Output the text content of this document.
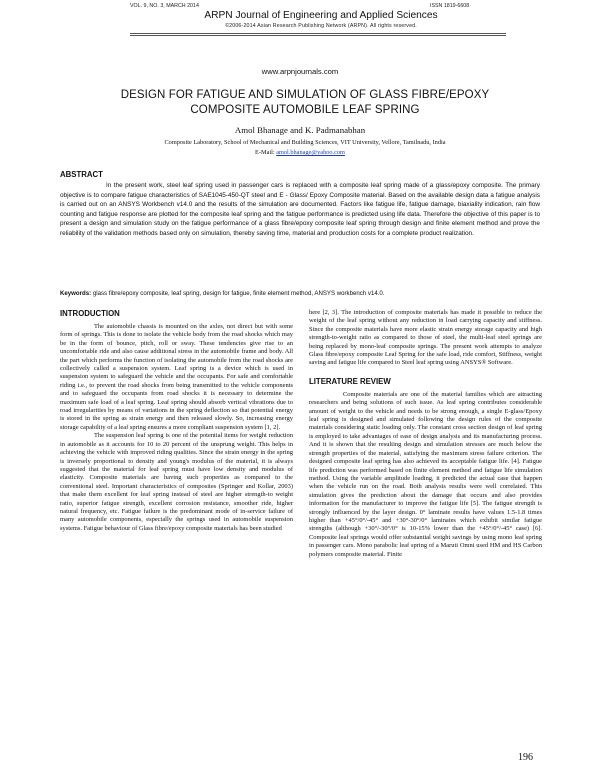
VOL. 9, NO. 3, MARCH 2014	ISSN 1819-6608
ARPN Journal of Engineering and Applied Sciences
©2006-2014 Asian Research Publishing Network (ARPN). All rights reserved.
www.arpnjournals.com
DESIGN FOR FATIGUE AND SIMULATION OF GLASS FIBRE/EPOXY
COMPOSITE AUTOMOBILE LEAF SPRING
Amol Bhanage and K. Padmanabhan
Composite Laboratory, School of Mechanical and Building Sciences, VIT University, Vellore, Tamilnadu, India
E-Mail: amol.bhanage@yahoo.com
ABSTRACT

In the present work, steel leaf spring used in passenger cars is replaced with a composite leaf spring made of a glass/epoxy composite. The primary objective is to compare fatigue characteristics of SAE1045-450-QT steel and E - Glass/ Epoxy Composite material. Based on the available design data a fatigue analysis is carried out on an ANSYS Workbench v14.0 and the results of the simulation are documented. Factors like fatigue life, fatigue damage, biaxiality indication, rain flow counting and fatigue response are plotted for the composite leaf spring and the fatigue performance is predicted using life data. Therefore the objective of this paper is to present a design and simulation study on the fatigue performance of a glass fibre/epoxy composite leaf spring through design and finite element method and prove the reliability of the validation methods based only on simulation, thereby saving time, material and production costs for a complete product realization.

Keywords: glass fibre/epoxy composite, leaf spring, design for fatigue, finite element method, ANSYS workbench v14.0.

INTRODUCTION

The automobile chassis is mounted on the axles, not direct but with some form of springs. This is done to isolate the vehicle body from the road shocks which may be in the form of bounce, pitch, roll or sway. These tendencies give rise to an uncomfortable ride and also cause additional stress in the automobile frame and body. All the part which performs the function of isolating the automobile from the road shocks are collectively called a suspension system. Leaf spring is a device which is used in suspension system to safeguard the vehicle and the occupants. For safe and comfortable riding i.e., to prevent the road shocks from being transmitted to the vehicle components and to safeguard the occupants from road shocks it is necessary to determine the maximum safe load of a leaf spring. Leaf spring should absorb vertical vibrations due to road irregularities by means of variations in the spring deflection so that potential energy is stored in the spring as strain energy and then released slowly. So, increasing energy storage capability of a leaf spring ensures a more compliant suspension system [1, 2].

The suspension leaf spring is one of the potential items for weight reduction in automobile as it accounts for 10 to 20 percent of the unsprung weight. This helps in achieving the vehicle with improved riding qualities. Since the strain energy in the spring is inversely proportional to density and young's modulus of the material, it is always suggested that the material for leaf spring must have low density and modulus of elasticity. Composite materials are having such properties as compared to the conventional steel. Important characteristics of composites (Springer and Kollar, 2003) that make them excellent for leaf spring instead of steel are higher strength-to weight ratio, superior fatigue strength, excellent corrosion resistance, smoother ride, higher natural frequency, etc. Fatigue failure is the predominant mode of in-service failure of many automobile components, especially the springs used in automobile suspension systems. Fatigue behaviour of Glass fibre/epoxy composite materials has been studied

here [2, 3]. The introduction of composite materials has made it possible to reduce the weight of the leaf spring without any reduction in load carrying capacity and stiffness. Since the composite materials have more elastic strain energy storage capacity and high strength-to-weight ratio as compared to those of steel, the multi-leaf steel springs are being replaced by mono-leaf composite springs. The present work attempts to analyze Glass fibre/epoxy composite Leaf Spring for the safe load, ride comfort, Stiffness, weight saving and fatigue life compared to Steel leaf spring using ANSYS® Software.

LITERATURE REVIEW

Composite materials are one of the material families which are attracting researchers and being solutions of such issue. As leaf spring contributes considerable amount of weight to the vehicle and needs to be strong enough, a single E-glass/Epoxy leaf spring is designed and simulated following the design rules of the composite materials considering static loading only. The constant cross section design of leaf spring is employed to take advantages of ease of design analysis and its manufacturing process. And it is shown that the resulting design and simulation stresses are much below the strength properties of the material, satisfying the maximum stress failure criterion. The designed composite leaf spring has also achieved its acceptable fatigue life. [4]. Fatigue life prediction was performed based on finite element method and fatigue life simulation method. Using the variable amplitude loading, it predicted the actual case that happen when the vehicle run on the road. Both analysis results were well correlated. This simulation gives the prediction about the damage that occurs and also provides information for the manufacturer to improve the fatigue life [5]. The fatigue strength is strongly influenced by the layer design. 0° laminate results have values 1.5-1.8 times higher than +45°/0°/-45° and +30°-30°/0° laminates which exhibit similar fatigue strengths (although +30°/-30°/0° is 10-15% lower than the +45°/0°/-45° case) [6]. Composite leaf springs would offer substantial weight savings by using mono leaf spring in passenger cars. Mono parabolic leaf spring of a Maruti Omni used HM and HS Carbon polymers composite material. Finite

196
